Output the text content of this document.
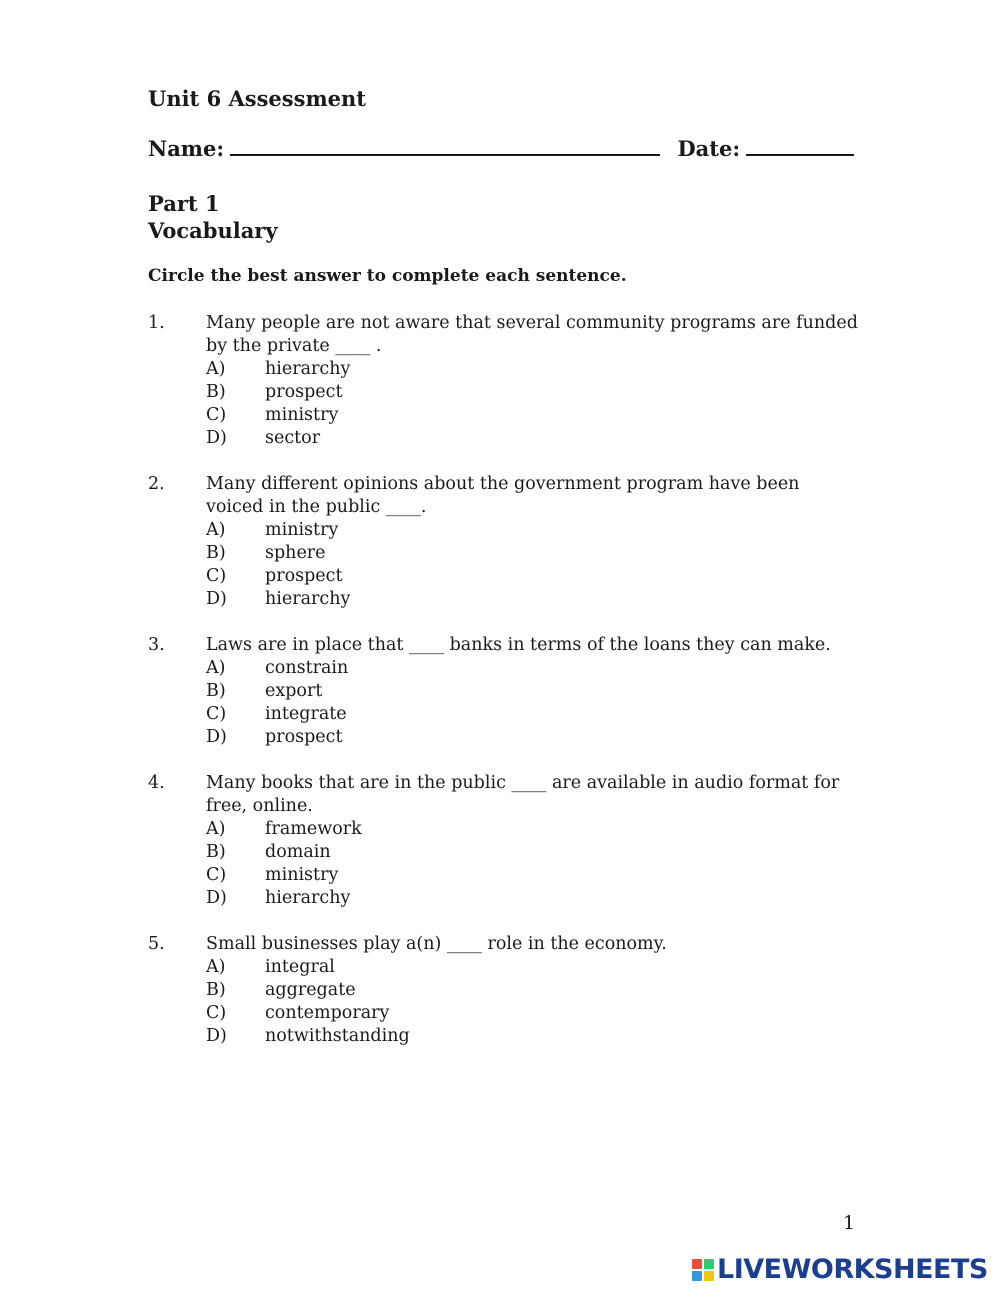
Unit 6 Assessment
Name:	Date:
Part 1
Vocabulary
Circle the best answer to complete each sentence.
1.	Many people are not aware that several community programs are funded by the private ____ .
A) hierarchy
B) prospect
C) ministry
D) sector
2.	Many different opinions about the government program have been voiced in the public ____.
A) ministry
B) sphere
C) prospect
D) hierarchy
3.	Laws are in place that ____ banks in terms of the loans they can make.
A) constrain
B) export
C) integrate
D) prospect
4.	Many books that are in the public ____ are available in audio format for free, online.
A) framework
B) domain
C) ministry
D) hierarchy
5.	Small businesses play a(n) ____ role in the economy.
A) integral
B) aggregate
C) contemporary
D) notwithstanding
1
LIVEWORKSHEETS
